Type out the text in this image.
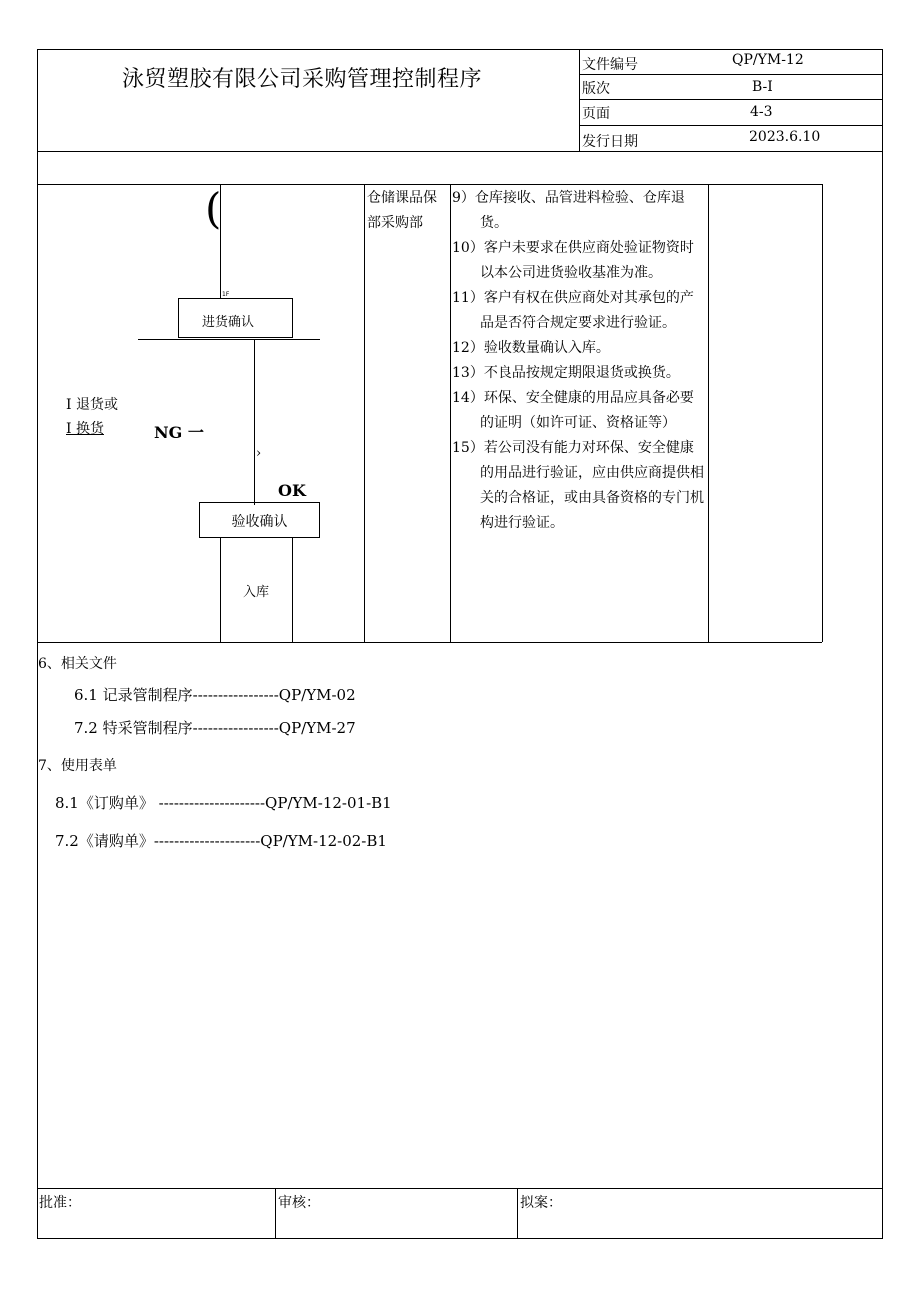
泳贸塑胶有限公司采购管理控制程序
文件编号	QP/YM-12
版次	B-I
页面	4-3
发行日期	2023.6.10
(
1F
进货确认
›
I 退货或
I 换货	NG 一
OK
验收确认
入库
仓储课品保部采购部

9）仓库接收、品管进料检验、仓库退货。

10）客户未要求在供应商处验证物资时以本公司进货验收基准为准。

11）客户有权在供应商处对其承包的产品是否符合规定要求进行验证。

12）验收数量确认入库。

13）不良品按规定期限退货或换货。

14）环保、安全健康的用品应具备必要的证明（如许可证、资格证等）

15）若公司没有能力对环保、安全健康的用品进行验证，应由供应商提供相关的合格证，或由具备资格的专门机构进行验证。

6、相关文件
6.1 记录管制程序-----------------QP/YM-02
7.2 特采管制程序-----------------QP/YM-27
7、使用表单
8.1《订购单》 ---------------------QP/YM-12-01-B1
7.2《请购单》---------------------QP/YM-12-02-B1
批准：	审核：	拟案：
